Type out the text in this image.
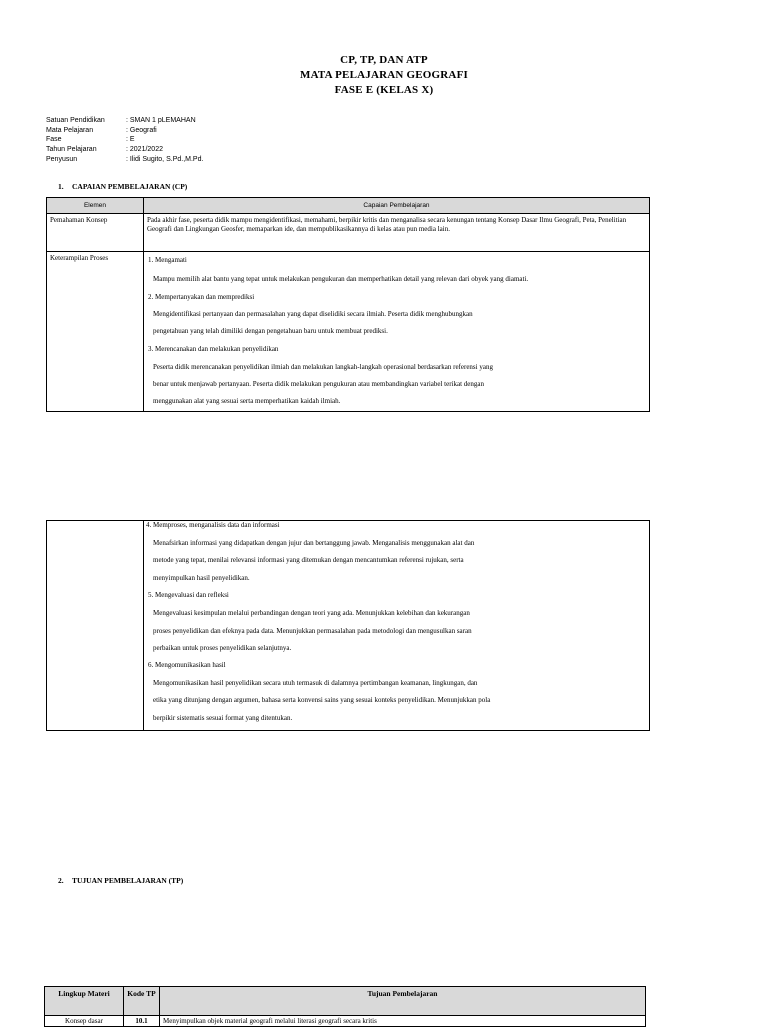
CP, TP, DAN ATP
MATA PELAJARAN GEOGRAFI
FASE E (KELAS X)
Satuan Pendidikan	: SMAN 1 pLEMAHAN
Mata Pelajaran	: Geografi
Fase	: E
Tahun Pelajaran	: 2021/2022
Penyusun	: Ilidi Sugito, S.Pd.,M.Pd.
1. CAPAIAN PEMBELAJARAN (CP)
Elemen	Capaian Pembelajaran

Pemahaman Konsep	Pada akhir fase, peserta didik mampu mengidentifikasi, memahami, berpikir kritis dan menganalisa secara kenungan tentang Konsep Dasar Ilmu Geografi, Peta, Penelitian Geografi dan Lingkungan Geosfer, memaparkan ide, dan mempublikasikannya di kelas atau pun media lain.

Keterampilan Proses	
		1. Mengamati
Mampu memilih alat bantu yang tepat untuk melakukan pengukuran dan memperhatikan detail yang relevan dari obyek yang diamati.
2. Mempertanyakan dan memprediksi
Mengidentifikasi pertanyaan dan permasalahan yang dapat diselidiki secara ilmiah. Peserta didik menghubungkan
pengetahuan yang telah dimiliki dengan pengetahuan baru untuk membuat prediksi.
3. Merencanakan dan melakukan penyelidikan
Peserta didik merencanakan penyelidikan ilmiah dan melakukan langkah-langkah operasional berdasarkan referensi yang
benar untuk menjawab pertanyaan. Peserta didik melakukan pengukuran atau membandingkan variabel terikat dengan
menggunakan alat yang sesuai serta memperhatikan kaidah ilmiah.
4. Memproses, menganalisis data dan informasi
Menafsirkan informasi yang didapatkan dengan jujur dan bertanggung jawab. Menganalisis menggunakan alat dan
metode yang tepat, menilai relevansi informasi yang ditemukan dengan mencantumkan referensi rujukan, serta
menyimpulkan hasil penyelidikan.
5. Mengevaluasi dan refleksi
Mengevaluasi kesimpulan melalui perbandingan dengan teori yang ada. Menunjukkan kelebihan dan kekurangan
proses penyelidikan dan efeknya pada data. Menunjukkan permasalahan pada metodologi dan mengusulkan saran
perbaikan untuk proses penyelidikan selanjutnya.
6. Mengomunikasikan hasil
Mengomunikasikan hasil penyelidikan secara utuh termasuk di dalamnya pertimbangan keamanan, lingkungan, dan
etika yang ditunjang dengan argumen, bahasa serta konvensi sains yang sesuai konteks penyelidikan. Menunjukkan pola
berpikir sistematis sesuai format yang ditentukan.
2. TUJUAN PEMBELAJARAN (TP)
Lingkup Materi	Kode TP	Tujuan Pembelajaran
Konsep dasar	10.1	Menyimpulkan objek material geografi melalui literasi geografi secara kritis
